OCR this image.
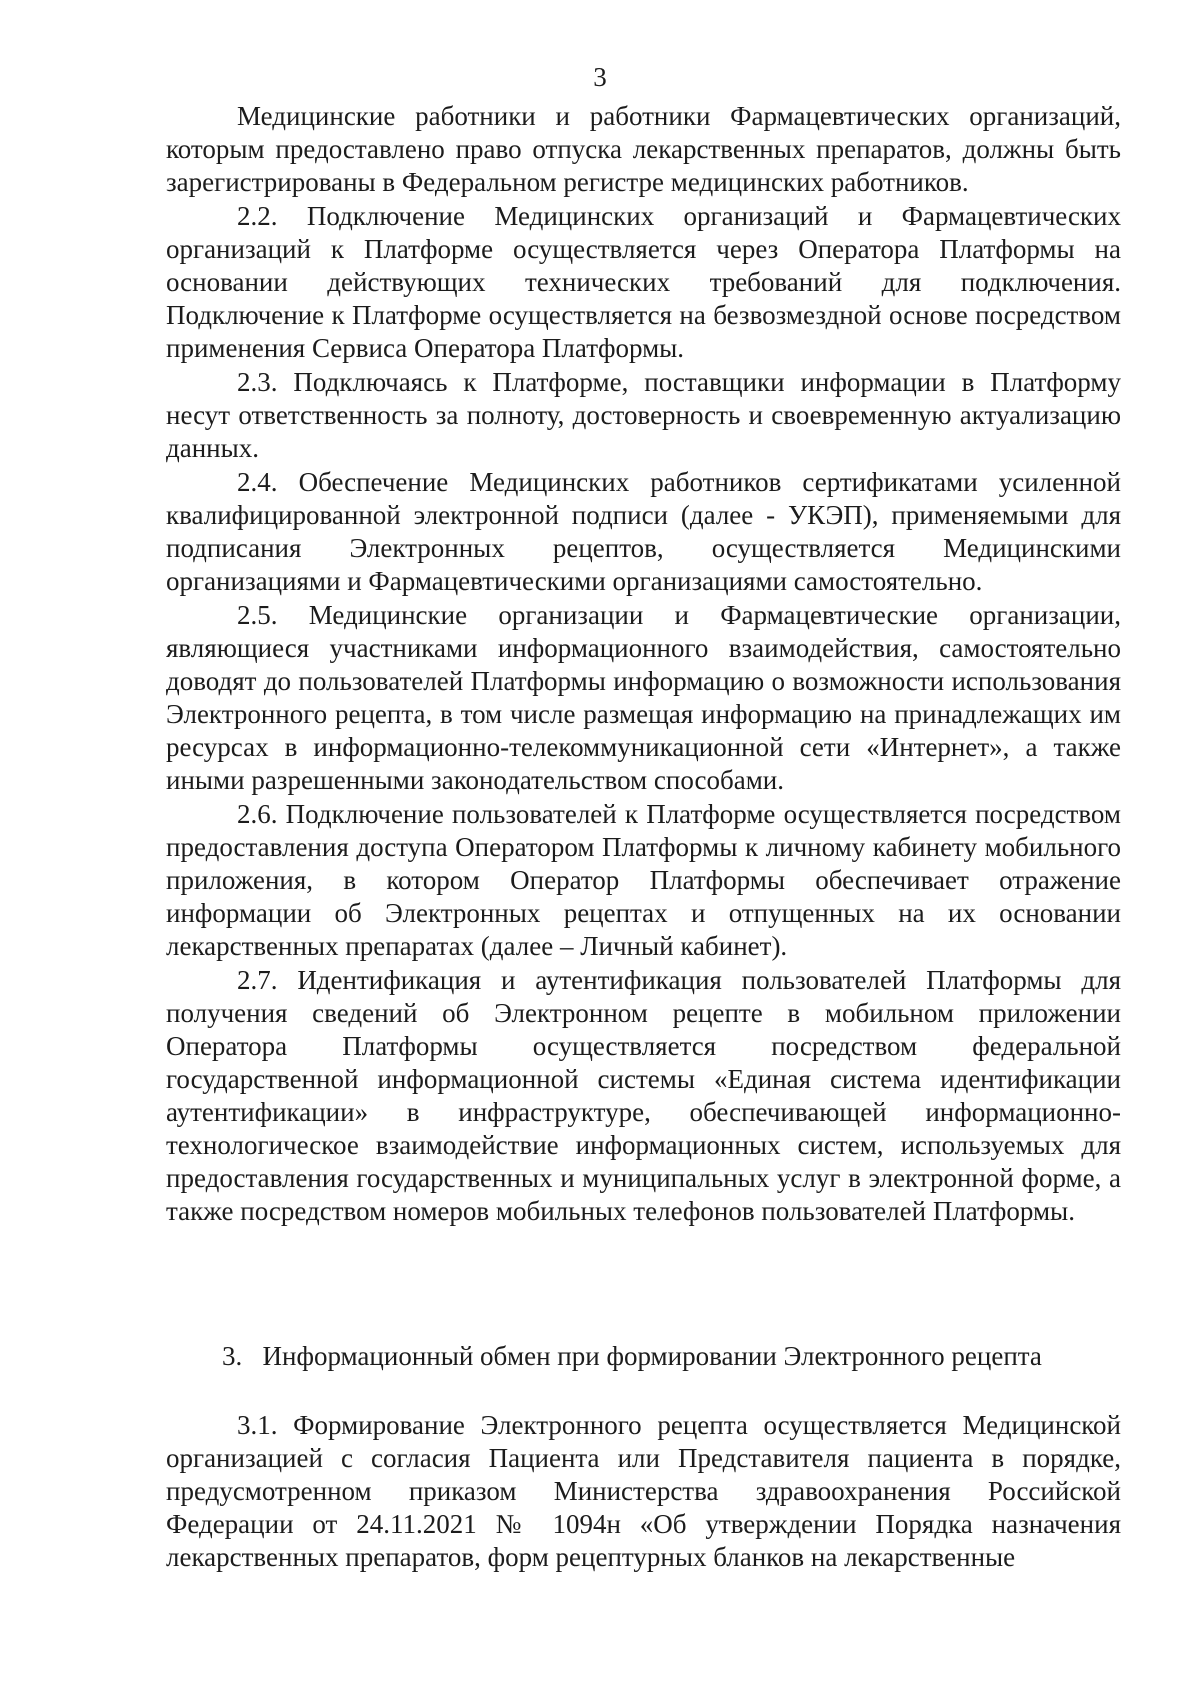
3

Медицинские работники и работники Фармацевтических организаций, которым предоставлено право отпуска лекарственных препаратов, должны быть зарегистрированы в Федеральном регистре медицинских работников.

2.2. Подключение Медицинских организаций и Фармацевтических организаций к Платформе осуществляется через Оператора Платформы на основании действующих технических требований для подключения. Подключение к Платформе осуществляется на безвозмездной основе посредством применения Сервиса Оператора Платформы.

2.3. Подключаясь к Платформе, поставщики информации в Платформу несут ответственность за полноту, достоверность и своевременную актуализацию данных.

2.4. Обеспечение Медицинских работников сертификатами усиленной квалифицированной электронной подписи (далее - УКЭП), применяемыми для подписания Электронных рецептов, осуществляется Медицинскими организациями и Фармацевтическими организациями самостоятельно.

2.5. Медицинские организации и Фармацевтические организации, являющиеся участниками информационного взаимодействия, самостоятельно доводят до пользователей Платформы информацию о возможности использования Электронного рецепта, в том числе размещая информацию на принадлежащих им ресурсах в информационно-телекоммуникационной сети «Интернет», а также иными разрешенными законодательством способами.

2.6. Подключение пользователей к Платформе осуществляется посредством предоставления доступа Оператором Платформы к личному кабинету мобильного приложения, в котором Оператор Платформы обеспечивает отражение информации об Электронных рецептах и отпущенных на их основании лекарственных препаратах (далее – Личный кабинет).

2.7. Идентификация и аутентификация пользователей Платформы для получения сведений об Электронном рецепте в мобильном приложении Оператора Платформы осуществляется посредством федеральной государственной информационной системы «Единая система идентификации аутентификации» в инфраструктуре, обеспечивающей информационно-технологическое взаимодействие информационных систем, используемых для предоставления государственных и муниципальных услуг в электронной форме, а также посредством номеров мобильных телефонов пользователей Платформы.

3.   Информационный обмен при формировании Электронного рецепта

3.1. Формирование Электронного рецепта осуществляется Медицинской организацией с согласия Пациента или Представителя пациента в порядке, предусмотренном приказом Министерства здравоохранения Российской Федерации от 24.11.2021 № 1094н «Об утверждении Порядка назначения лекарственных препаратов, форм рецептурных бланков на лекарственные
